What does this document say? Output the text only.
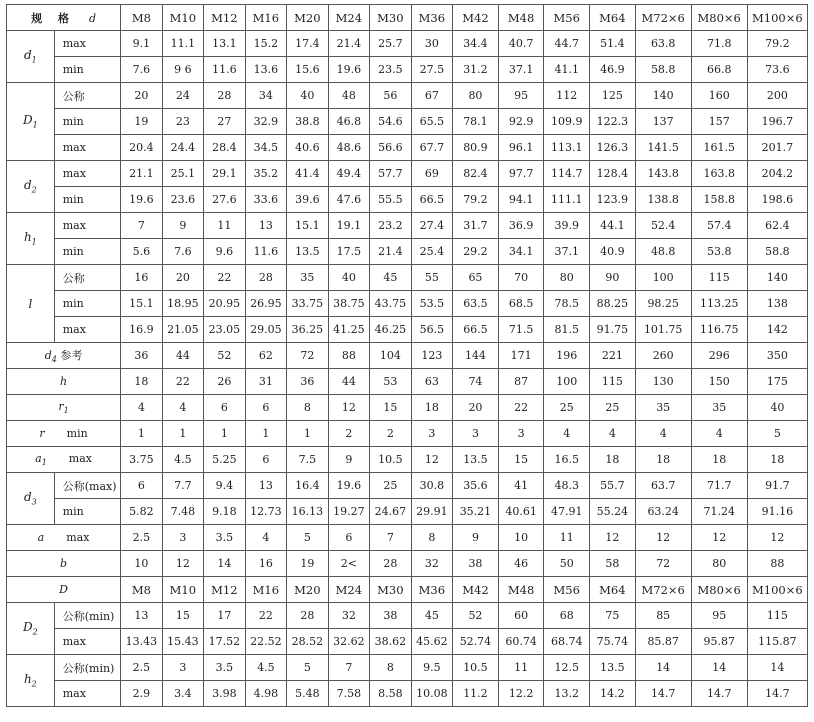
规 格 d		M8	M10	M12	M16	M20	M24	M30	M36	M42	M48	M56	M64	M72×6	M80×6	M100×6
$d_1$	max	9.1	11.1	13.1	15.2	17.4	21.4	25.7	30	34.4	40.7	44.7	51.4	63.8	71.8	79.2
	min	7.6	9 6	11.6	13.6	15.6	19.6	23.5	27.5	31.2	37.1	41.1	46.9	58.8	66.8	73.6
$D_1$	公称	20	24	28	34	40	48	56	67	80	95	112	125	140	160	200
	min	19	23	27	32.9	38.8	46.8	54.6	65.5	78.1	92.9	109.9	122.3	137	157	196.7
	max	20.4	24.4	28.4	34.5	40.6	48.6	56.6	67.7	80.9	96.1	113.1	126.3	141.5	161.5	201.7
$d_2$	max	21.1	25.1	29.1	35.2	41.4	49.4	57.7	69	82.4	97.7	114.7	128.4	143.8	163.8	204.2
	min	19.6	23.6	27.6	33.6	39.6	47.6	55.5	66.5	79.2	94.1	111.1	123.9	138.8	158.8	198.6
$h_1$	max	7	9	11	13	15.1	19.1	23.2	27.4	31.7	36.9	39.9	44.1	52.4	57.4	62.4
	min	5.6	7.6	9.6	11.6	13.5	17.5	21.4	25.4	29.2	34.1	37.1	40.9	48.8	53.8	58.8
l	公称	16	20	22	28	35	40	45	55	65	70	80	90	100	115	140
	min	15.1	18.95	20.95	26.95	33.75	38.75	43.75	53.5	63.5	68.5	78.5	88.25	98.25	113.25	138
	max	16.9	21.05	23.05	29.05	36.25	41.25	46.25	56.5	66.5	71.5	81.5	91.75	101.75	116.75	142
$d_4$ 参考		36	44	52	62	72	88	104	123	144	171	196	221	260	296	350
h		18	22	26	31	36	44	53	63	74	87	100	115	130	150	175
$r_1$		4	4	6	6	8	12	15	18	20	22	25	25	35	35	40
r min		1	1	1	1	1	2	2	3	3	3	4	4	4	4	5
$a_1$ max		3.75	4.5	5.25	6	7.5	9	10.5	12	13.5	15	16.5	18	18	18	18
$d_3$	公称(max)	6	7.7	9.4	13	16.4	19.6	25	30.8	35.6	41	48.3	55.7	63.7	71.7	91.7
	min	5.82	7.48	9.18	12.73	16.13	19.27	24.67	29.91	35.21	40.61	47.91	55.24	63.24	71.24	91.16
a max		2.5	3	3.5	4	5	6	7	8	9	10	11	12	12	12	12
b		10	12	14	16	19	2<	28	32	38	46	50	58	72	80	88
D		M8	M10	M12	M16	M20	M24	M30	M36	M42	M48	M56	M64	M72×6	M80×6	M100×6
$D_2$	公称(min)	13	15	17	22	28	32	38	45	52	60	68	75	85	95	115
	max	13.43	15.43	17.52	22.52	28.52	32.62	38.62	45.62	52.74	60.74	68.74	75.74	85.87	95.87	115.87
$h_2$	公称(min)	2.5	3	3.5	4.5	5	7	8	9.5	10.5	11	12.5	13.5	14	14	14
	max	2.9	3.4	3.98	4.98	5.48	7.58	8.58	10.08	11.2	12.2	13.2	14.2	14.7	14.7	14.7
